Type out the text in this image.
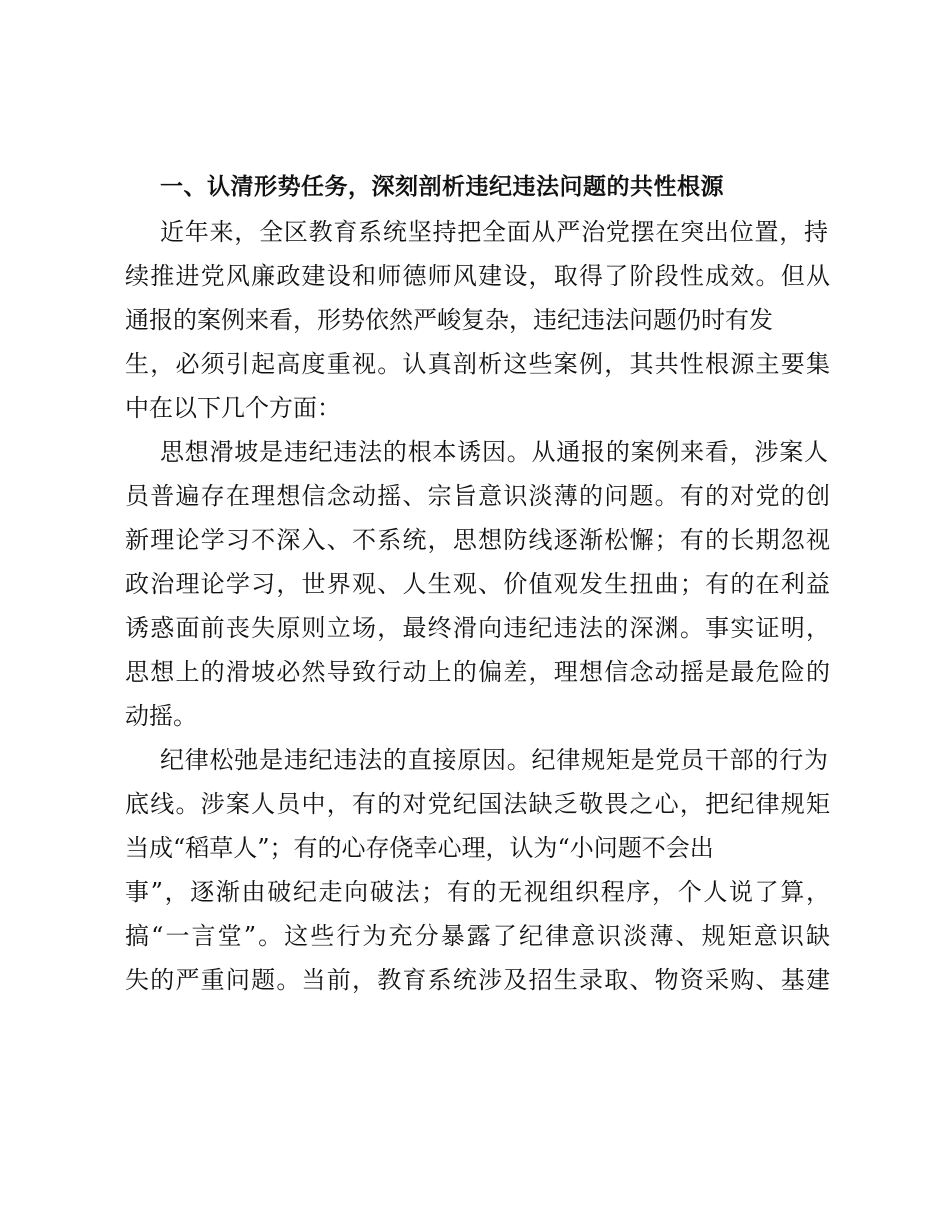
一、认清形势任务，深刻剖析违纪违法问题的共性根源
近年来，全区教育系统坚持把全面从严治党摆在突出位置，持
续推进党风廉政建设和师德师风建设，取得了阶段性成效。但从
通报的案例来看，形势依然严峻复杂，违纪违法问题仍时有发
生，必须引起高度重视。认真剖析这些案例，其共性根源主要集
中在以下几个方面：
思想滑坡是违纪违法的根本诱因。从通报的案例来看，涉案人
员普遍存在理想信念动摇、宗旨意识淡薄的问题。有的对党的创
新理论学习不深入、不系统，思想防线逐渐松懈；有的长期忽视
政治理论学习，世界观、人生观、价值观发生扭曲；有的在利益
诱惑面前丧失原则立场，最终滑向违纪违法的深渊。事实证明，
思想上的滑坡必然导致行动上的偏差，理想信念动摇是最危险的
动摇。
纪律松弛是违纪违法的直接原因。纪律规矩是党员干部的行为
底线。涉案人员中，有的对党纪国法缺乏敬畏之心，把纪律规矩
当成“稻草人”；有的心存侥幸心理，认为“小问题不会出
事”，逐渐由破纪走向破法；有的无视组织程序，个人说了算，
搞“一言堂”。这些行为充分暴露了纪律意识淡薄、规矩意识缺
失的严重问题。当前，教育系统涉及招生录取、物资采购、基建
